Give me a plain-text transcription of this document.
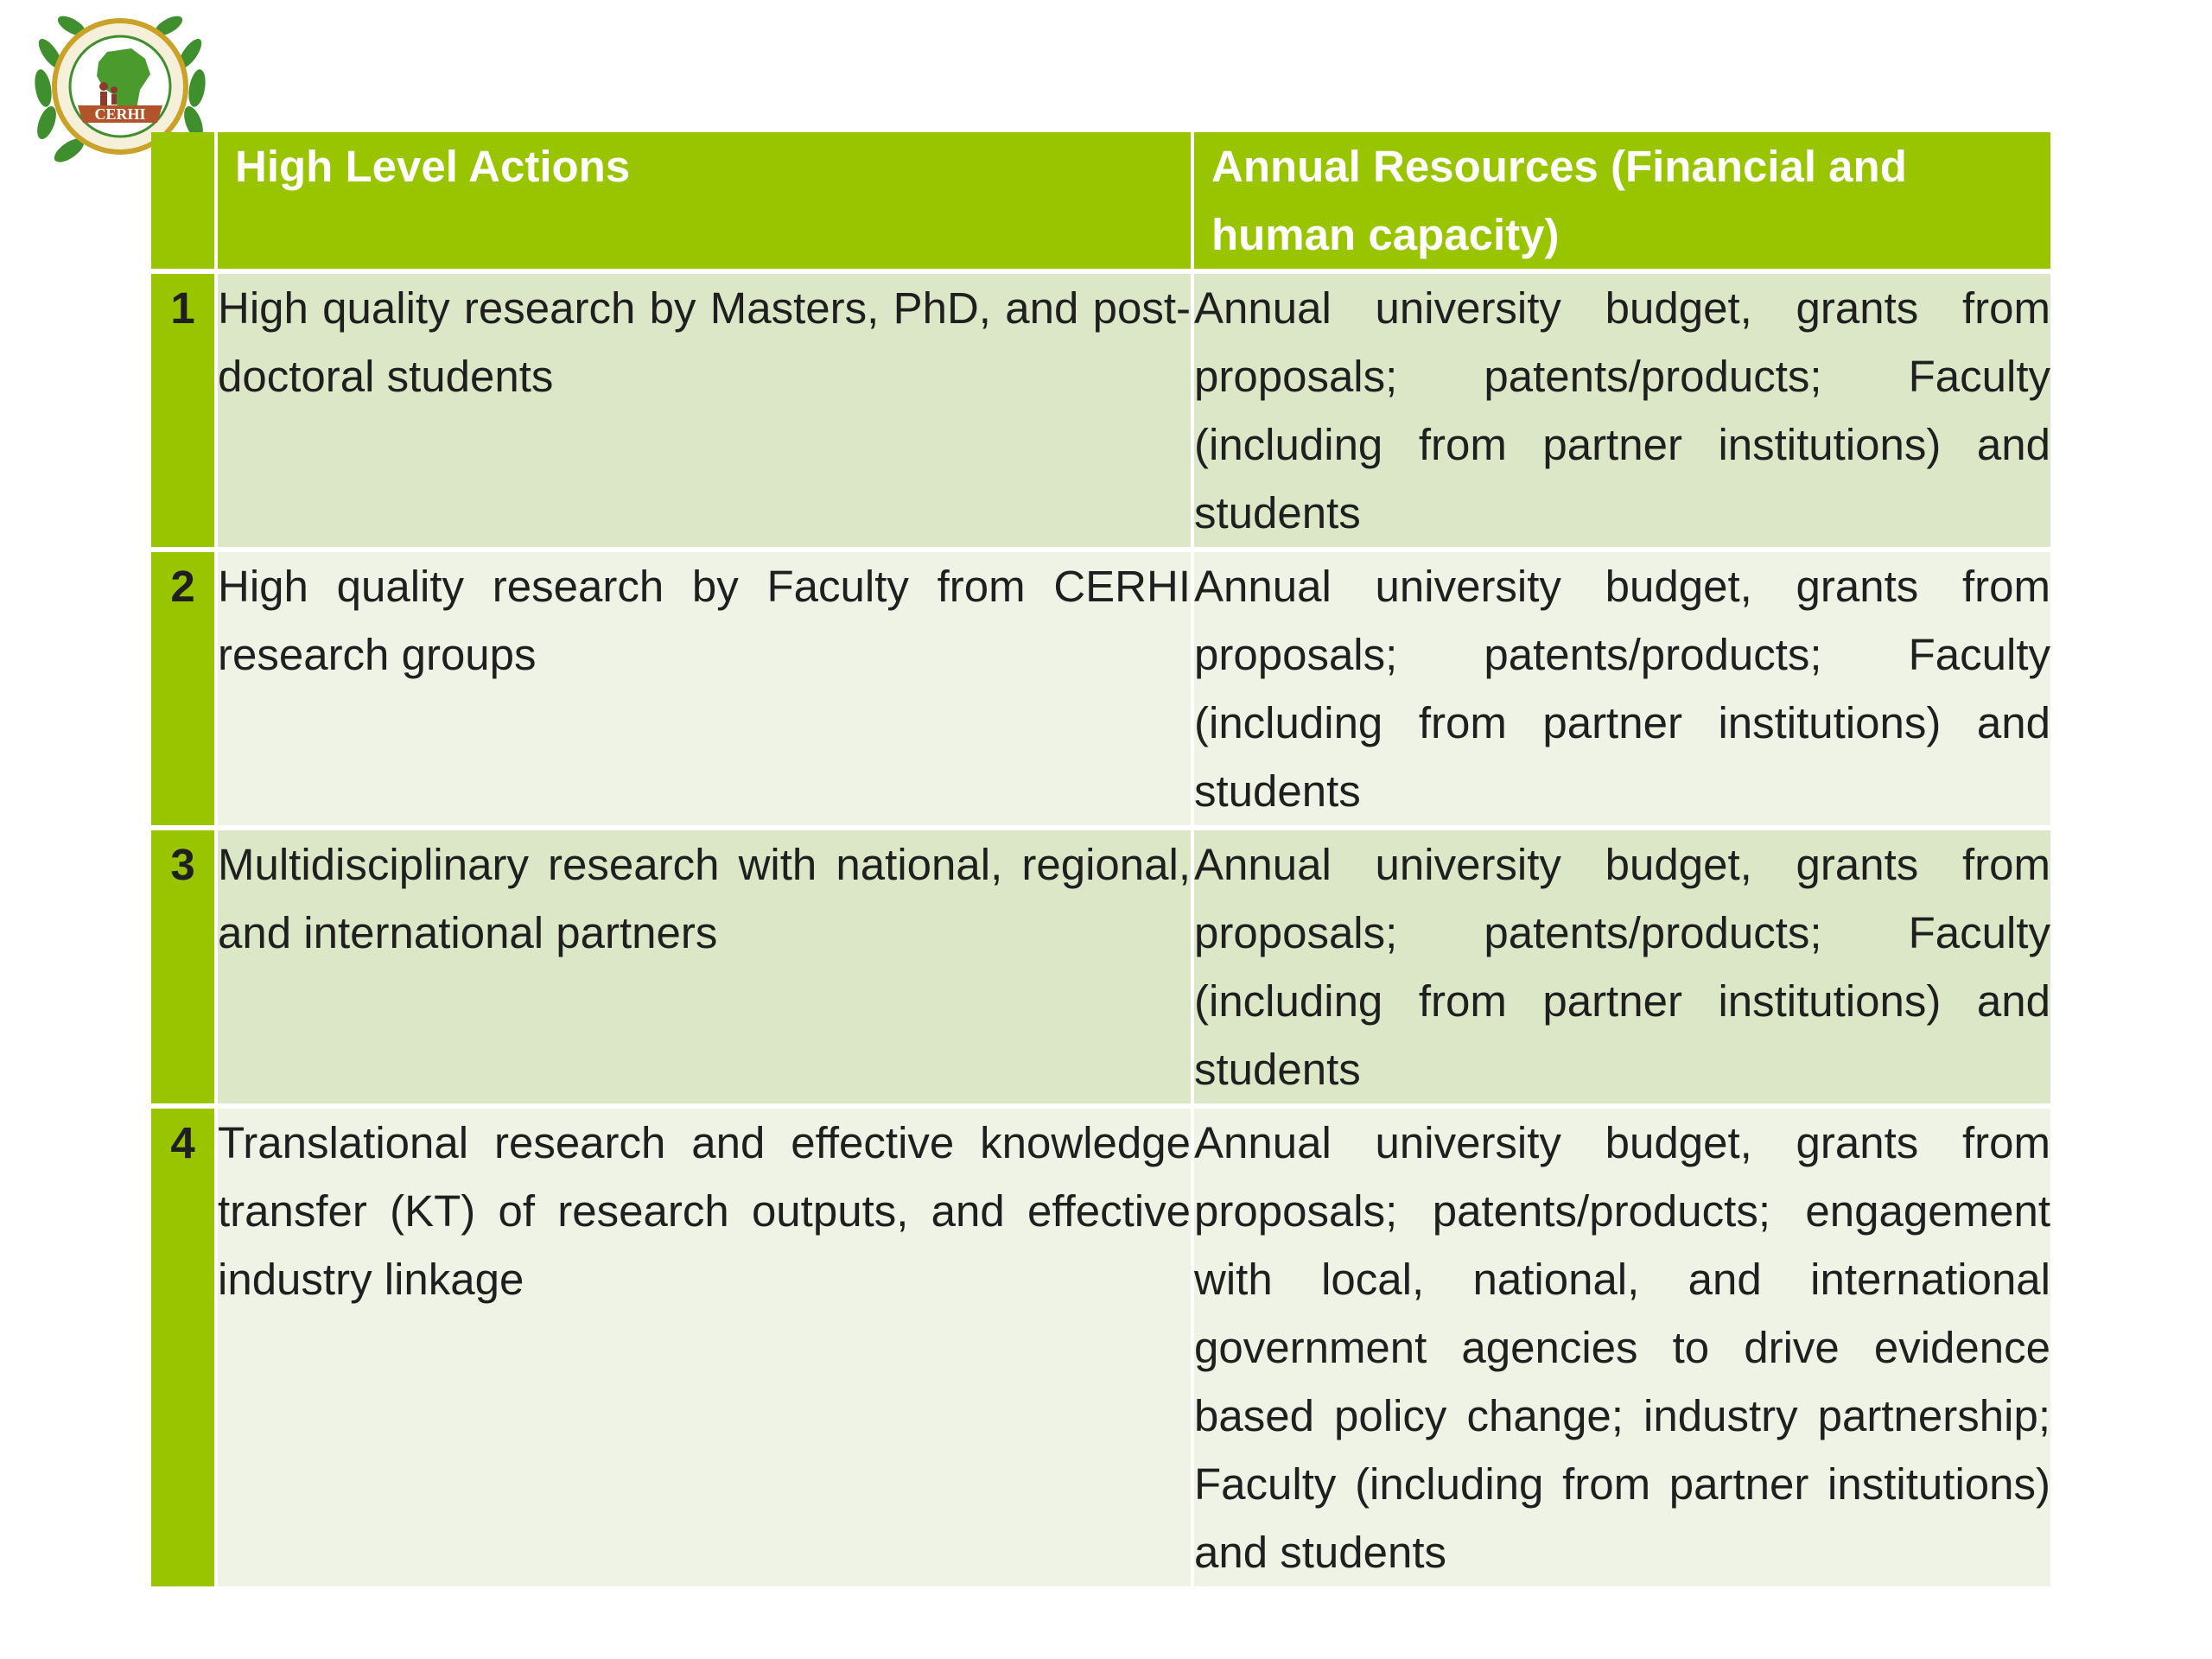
CERHI
	High Level Actions	Annual Resources (Financial and human capacity)
1	High quality research by Masters, PhD, and post-doctoral students	Annual university budget, grants from proposals; patents/products; Faculty (including from partner institutions) and students
2	High quality research by Faculty from CERHI research groups	Annual university budget, grants from proposals; patents/products; Faculty (including from partner institutions) and students
3	Multidisciplinary research with national, regional, and international partners	Annual university budget, grants from proposals; patents/products; Faculty (including from partner institutions) and students
4	Translational research and effective knowledge transfer (KT) of research outputs, and effective industry linkage	Annual university budget, grants from proposals; patents/products; engagement with local, national, and international government agencies to drive evidence based policy change; industry partnership; Faculty (including from partner institutions) and students
